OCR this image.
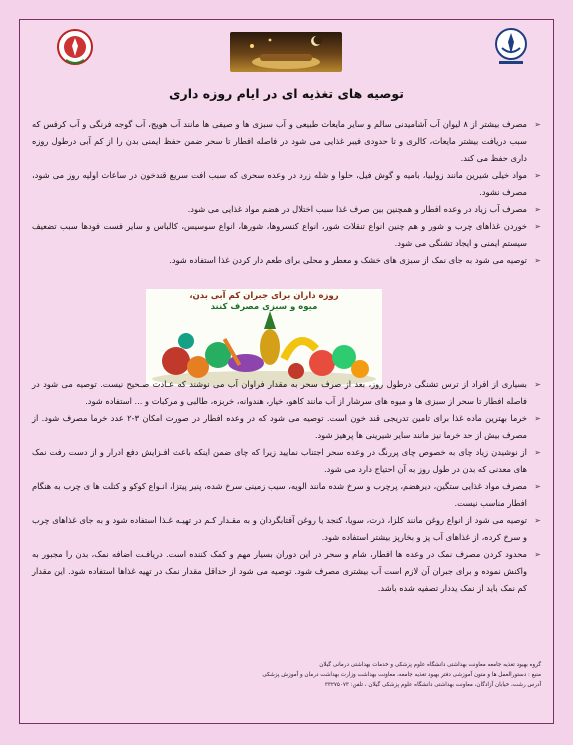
توصیه های تغذیه ای در ایام روزه داری
➢
مصرف بیشتر از ۸ لیوان آب آشامیدنی سالم و سایر مایعات طبیعی و آب سبزی ها و صیفی ها مانند آب هویج، آب گوجه فرنگی و آب کرفس که سبب دریافت بیشتر مایعات، کالری و تا حدودی فیبر غذایی می شود در فاصله افطار تا سحر ضمن حفظ ایمنی بدن را از کم آبی درطول روزه داری حفظ می کند.
➢
مواد خیلی شیرین مانند زولبیا، بامیه و گوش فیل، حلوا و شله زرد در وعده سحری که سبب افت سریع قندخون در ساعات اولیه روز می شود، مصرف نشود.
➢
مصرف آب زیاد در وعده افطار و همچنین بین صرف غذا سبب اختلال در هضم مواد غذایی می شود.
➢
خوردن غذاهای چرب و شور و هم چنین انواع تنقلات شور، انواع کنسروها، شورها، انواع سوسیس، کالباس و سایر فست فودها سبب تضعیف سیستم ایمنی و ایجاد تشنگی می شود.
➢
توصیه می شود به جای نمک از سبزی های خشک و معطر و محلی برای طعم دار کردن غذا استفاده شود.
روزه داران برای جبران کم آبی بدن،
میوه و سبزی مصرف کنند
➢
بسیاری از افراد از ترس تشنگی درطول روز، بعد از صرف سحر به مقدار فراوان آب می نوشند که عـادت صـحیح نیست. توصیه می شود در فاصله افطار تا سحر از سبزی ها و میوه های سرشار از آب مانند کاهو، خیار، هندوانه، خربزه، طالبی و مرکبات و ... استفاده شود.
➢
خرما بهترین ماده غذا برای تامین تدریجی قند خون است. توصیه می شود که در وعده افطار در صورت امکان ۳-۲ عدد خرما مصرف شود. از مصرف بیش از حد خرما نیز مانند سایر شیرینی ها پرهیز شود.
➢
از نوشیدن زیاد چای به خصوص چای پررنگ در وعده سحر اجتناب نمایید زیرا که چای ضمن اینکه باعث افـزایش دفع ادرار و از دست رفت نمک های معدنی که بدن در طول روز به آن احتیاج دارد می شود.
➢
مصرف مواد غذایی ستگین، دیرهضم، پرچرب و سرخ شده مانند الویه، سیب زمینی سرخ شده، پنیر پیتزا، انـواع کوکو و کتلت ها ی چرب به هنگام افطار مناسب نیست.
➢
توصیه می شود از انواع روغن مانند کلزا، ذرت، سویا، کنجد یا روغن آفتابگردان و به مقـدار کـم در تهیـه غـذا استفاده شود و به جای غذاهای چرب و سرخ کرده، از غذاهای آب پز و بخارپز بیشتر استفاده شود.
➢
محدود کردن مصرف نمک در وعده ها افطار، شام و سحر در این دوران بسیار مهم و کمک کننده است. دریافـت اضافه نمک، بدن را مجبور به واکنش نموده و برای جبران آن لازم است آب بیشتری مصرف شود. توصیه می شود از حداقل مقدار نمک در تهیه غذاها استفاده شود. این مقدار کم نمک باید از نمک یددار تصفیه شده باشد.
گروه بهبود تغذیه جامعه معاونت بهداشتی دانشگاه علوم پزشکی و خدمات بهداشتی درمانی گیلان
منبع : دستورالعمل ها و متون آموزشی دفتر بهبود تغذیه جامعه، معاونت بهداشت وزارت بهداشت درمان و آموزش پزشکی
آدرس رشت، خیابان آزادگان، معاونت بهداشتی دانشگاه علوم پزشکی گیلان ، تلفن: ۳۳۲۷۵۰۷۳
